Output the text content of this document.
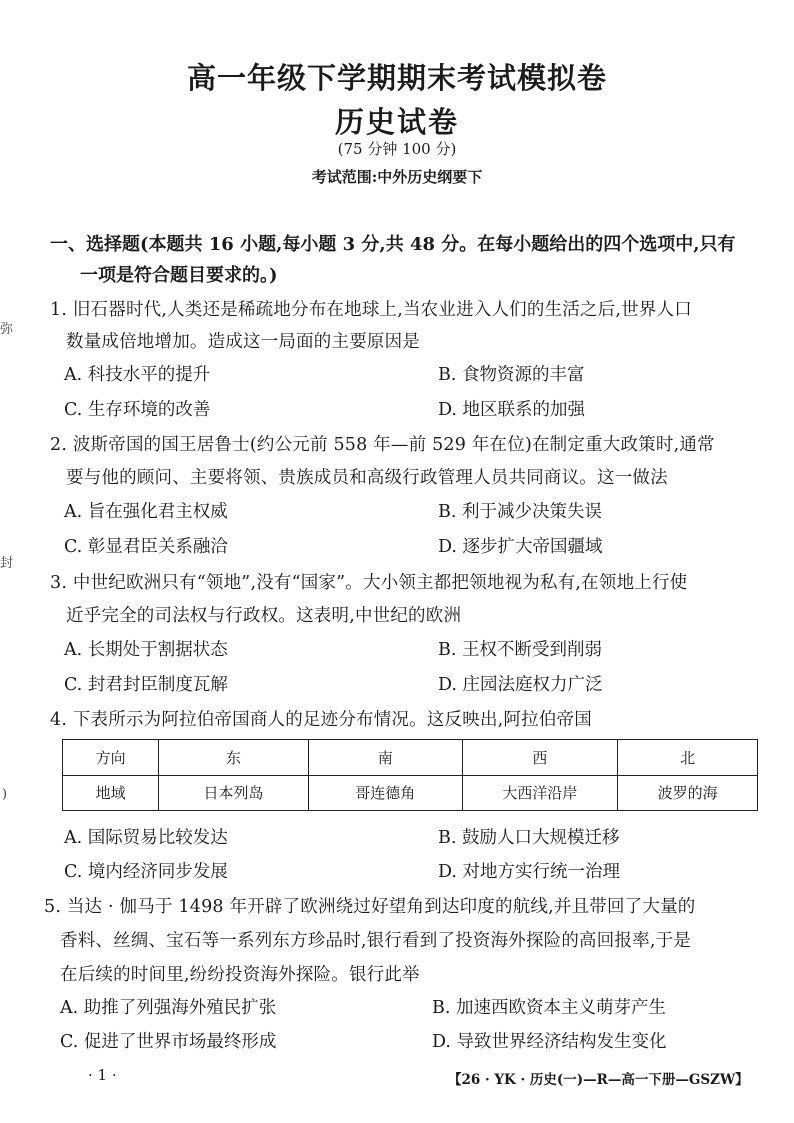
高一年级下学期期末考试模拟卷
历史试卷
(75 分钟 100 分)
考试范围:中外历史纲要下
弥
封
)
一、选择题(本题共 16 小题,每小题 3 分,共 48 分。在每小题给出的四个选项中,只有
一项是符合题目要求的。)
1. 旧石器时代,人类还是稀疏地分布在地球上,当农业进入人们的生活之后,世界人口
数量成倍地增加。造成这一局面的主要原因是
A. 科技水平的提升	B. 食物资源的丰富
C. 生存环境的改善	D. 地区联系的加强
2. 波斯帝国的国王居鲁士(约公元前 558 年—前 529 年在位)在制定重大政策时,通常
要与他的顾问、主要将领、贵族成员和高级行政管理人员共同商议。这一做法
A. 旨在强化君主权威	B. 利于减少决策失误
C. 彰显君臣关系融洽	D. 逐步扩大帝国疆域
3. 中世纪欧洲只有“领地”,没有“国家”。大小领主都把领地视为私有,在领地上行使
近乎完全的司法权与行政权。这表明,中世纪的欧洲
A. 长期处于割据状态	B. 王权不断受到削弱
C. 封君封臣制度瓦解	D. 庄园法庭权力广泛
4. 下表所示为阿拉伯帝国商人的足迹分布情况。这反映出,阿拉伯帝国
方向	东	南	西	北
地域	日本列岛	哥连德角	大西洋沿岸	波罗的海
A. 国际贸易比较发达	B. 鼓励人口大规模迁移
C. 境内经济同步发展	D. 对地方实行统一治理
5. 当达 · 伽马于 1498 年开辟了欧洲绕过好望角到达印度的航线,并且带回了大量的
香料、丝绸、宝石等一系列东方珍品时,银行看到了投资海外探险的高回报率,于是
在后续的时间里,纷纷投资海外探险。银行此举
A. 助推了列强海外殖民扩张	B. 加速西欧资本主义萌芽产生
C. 促进了世界市场最终形成	D. 导致世界经济结构发生变化
· 1 ·	【26 · YK · 历史(一)—R—高一下册—GSZW】
